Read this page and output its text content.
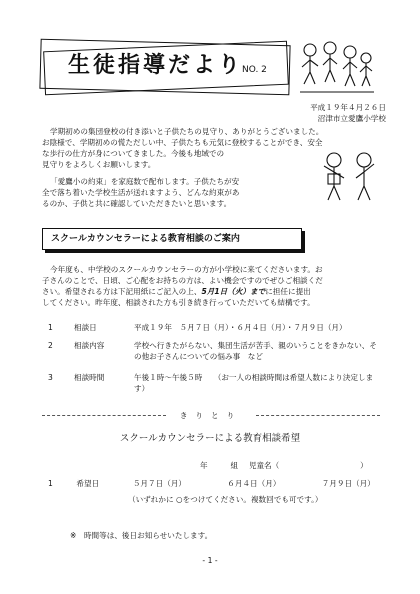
生徒指導だより
NO. 2
平成１９年４月２６日
沼津市立愛鷹小学校

学期初めの集団登校の付き添いと子供たちの見守り、ありがとうございました。

お陰様で、学期初めの慌ただしい中、子供たちも元気に登校することができ、安全

な歩行の仕方が身についてきました。今後も地域での

見守りをよろしくお願いします。

「愛鷹小の約束」を家庭数で配布します。子供たちが安

全で落ち着いた学校生活が送れますよう、どんな約束があ

るのか、子供と共に確認していただきたいと思います。

スクールカウンセラーによる教育相談のご案内

今年度も、中学校のスクールカウンセラーの方が小学校に来てくださいます。お

子さんのことで、日頃、ご心配をお持ちの方は、よい機会ですのでぜひご相談くだ

さい。希望される方は下記用紙にご記入の上、5月1日（火）までに担任に提出

してください。昨年度、相談された方も引き続き行っていただいても結構です。

1	相談日	平成１９年　５月７日（月）・６月４日（月）・７月９日（月）
2	相談内容	学校へ行きたがらない、集団生活が苦手、親のいうことをきかない、その他お子さんについての悩み事　など
3	相談時間	午後１時～午後５時　　（お一人の相談時間は希望人数により決定します）
きりとり
スクールカウンセラーによる教育相談希望
年	組 児童名（	）
1	希望日	５月７日（月）	６月４日（月）	７月９日（月）
（いずれかに ○をつけてください。複数回でも可です。）
※　時間等は、後日お知らせいたします。
- 1 -
